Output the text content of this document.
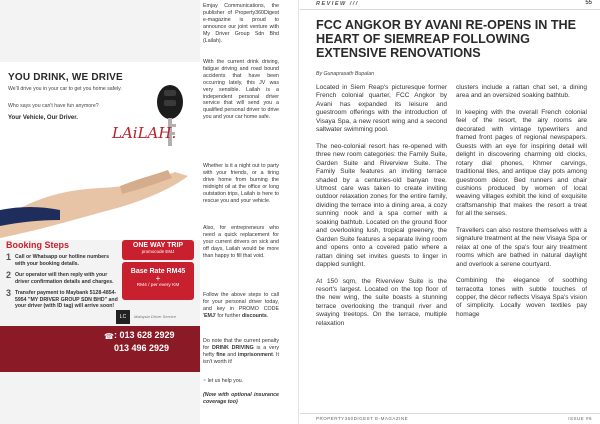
YOU DRINK, WE DRIVE
We'll drive you in your car to get you home safely.
Who says you can't have fun anymore?
Your Vehicle, Our Driver.
LAiLAH.
Booking Steps
1 Call or Whatsapp our hotline numbers with your booking details.
2 Our operator will then reply with your driver confirmation details and charges.
3 Transfer payment to Maybank 5128-4854-5954 "MY DRIVER GROUP SDN BHD" and your driver (with ID tag) will arrive soon!
ONE WAY TRIP
promocode EMJ
Base Rate RM45
+
RM4 / per every KM
LC	Malaysia Driver Service
☎ : 013 628 2929
013 496 2929

Emjay Communications, the publisher of Property360Digest e-magazine is proud to announce our joint venture with My Driver Group Sdn Bhd (Lailah).

With the current drink driving, fatigue driving and road bound accidents that have been occurring lately, this JV was very sensible. Lailah is a independent personal driver service that will send you a qualified personal driver to drive you and your car home safe.

Whether is it a night out to party with your friends, or a tiring drive home from burning the midnight oil at the office or long outstation trips, Lailah is here to rescue you and your vehicle.

Also, for entrepreneurs who need a quick replacement for your current drivers on sick and off days, Lailah would be more than happy to fill that void.

Follow the above steps to call for your personal driver today, and key in PROMO CODE 'EMJ' for further discounts.

Do note that the current penalty for DRINK DRIVING is a very hefty fine and imprisonment. It isn't worth it!

~ let us help you.

(Now with optional insurance coverage too)

REVIEW ///	55
FCC ANGKOR BY AVANI RE-OPENS IN THE HEART OF SIEMREAP FOLLOWING EXTENSIVE RENOVATIONS
By Gunaprasath Bupalan

Located in Siem Reap's picturesque former French colonial quarter, FCC Angkor by Avani has expanded its leisure and guestroom offerings with the introduction of Visaya Spa, a new resort wing and a second saltwater swimming pool.

The neo-colonial resort has re-opened with three new room categories: the Family Suite, Garden Suite and Riverview Suite. The Family Suite features an inviting terrace shaded by a centuries-old banyan tree. Utmost care was taken to create inviting outdoor relaxation zones for the entire family, dividing the terrace into a dining area, a cozy sunning nook and a spa corner with a soaking bathtub. Located on the ground floor and overlooking lush, tropical greenery, the Garden Suite features a separate living room and opens onto a covered patio where a rattan dining set invites guests to linger in dappled sunlight.

At 150 sqm, the Riverview Suite is the resort's largest. Located on the top floor of the new wing, the suite boasts a stunning terrace overlooking the tranquil river and swaying treetops. On the terrace, multiple relaxation

clusters include a rattan chat set, a dining area and an oversized soaking bathtub.

In keeping with the overall French colonial feel of the resort, the airy rooms are decorated with vintage typewriters and framed front pages of regional newspapers. Guests with an eye for inspiring detail will delight in discovering charming old clocks, rotary dial phones, Khmer carvings, traditional tiles, and antique clay pots among guestroom décor. Bed runners and chair cushions produced by women of local weaving villages exhibit the kind of exquisite craftsmanship that makes the resort a treat for all the senses.

Travellers can also restore themselves with a signature treatment at the new Visaya Spa or relax at one of the spa's four airy treatment rooms which are bathed in natural daylight and overlook a serene courtyard.

Combining the elegance of soothing terracotta tones with subtle touches of copper, the décor reflects Visaya Spa's vision of simplicity. Locally woven textiles pay homage

PROPERTY360DIGEST E-MAGAZINE	ISSUE #6
